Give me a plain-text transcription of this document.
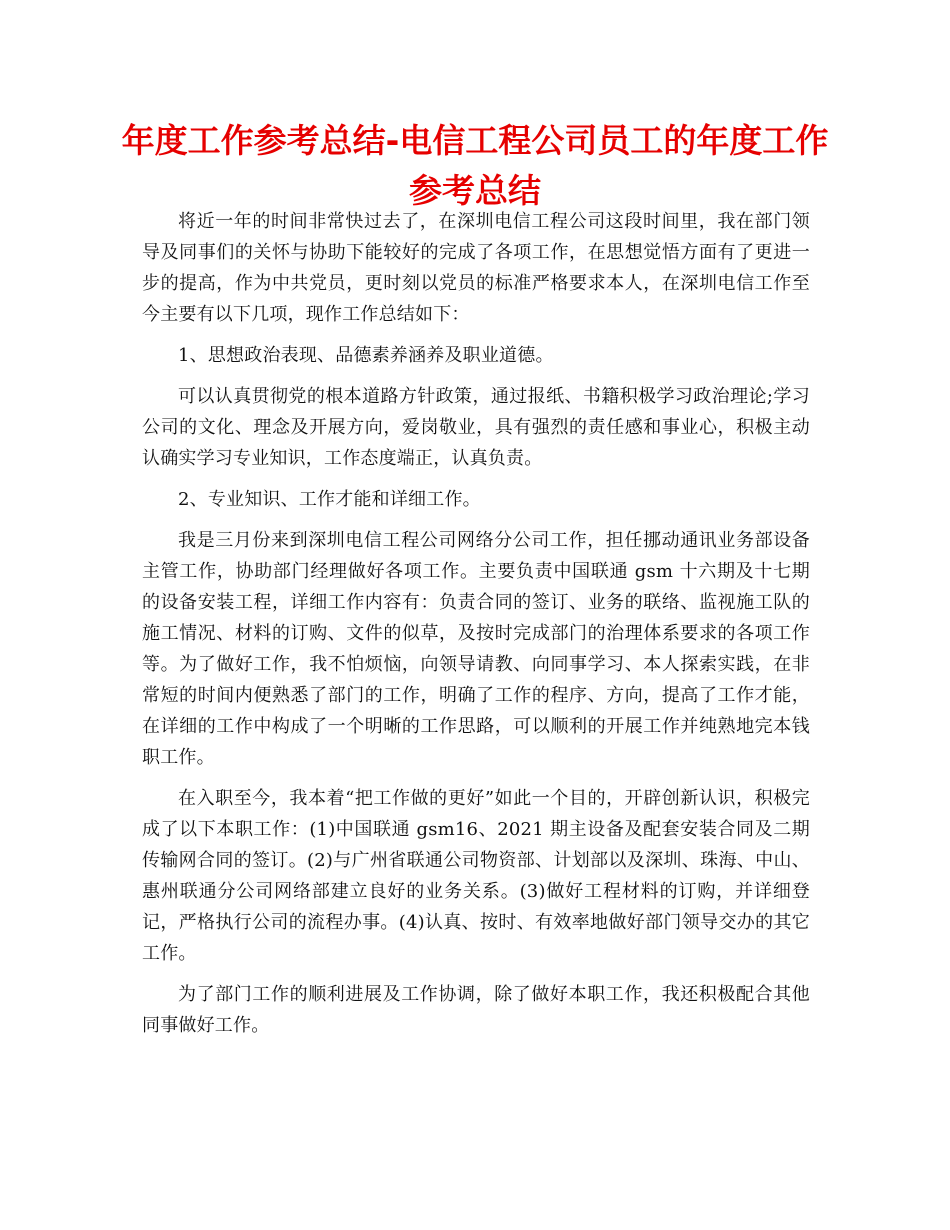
年度工作参考总结-电信工程公司员工的年度工作参考总结

将近一年的时间非常快过去了，在深圳电信工程公司这段时间里，我在部门领导及同事们的关怀与协助下能较好的完成了各项工作，在思想觉悟方面有了更进一步的提高，作为中共党员，更时刻以党员的标准严格要求本人，在深圳电信工作至今主要有以下几项，现作工作总结如下：

1、思想政治表现、品德素养涵养及职业道德。

可以认真贯彻党的根本道路方针政策，通过报纸、书籍积极学习政治理论;学习公司的文化、理念及开展方向，爱岗敬业，具有强烈的责任感和事业心，积极主动认确实学习专业知识，工作态度端正，认真负责。

2、专业知识、工作才能和详细工作。

我是三月份来到深圳电信工程公司网络分公司工作，担任挪动通讯业务部设备主管工作，协助部门经理做好各项工作。主要负责中国联通 gsm 十六期及十七期的设备安装工程，详细工作内容有：负责合同的签订、业务的联络、监视施工队的施工情况、材料的订购、文件的似草，及按时完成部门的治理体系要求的各项工作等。为了做好工作，我不怕烦恼，向领导请教、向同事学习、本人探索实践，在非常短的时间内便熟悉了部门的工作，明确了工作的程序、方向，提高了工作才能，在详细的工作中构成了一个明晰的工作思路，可以顺利的开展工作并纯熟地完本钱职工作。

在入职至今，我本着“把工作做的更好”如此一个目的，开辟创新认识，积极完成了以下本职工作：(1)中国联通 gsm16、2021 期主设备及配套安装合同及二期传输网合同的签订。(2)与广州省联通公司物资部、计划部以及深圳、珠海、中山、惠州联通分公司网络部建立良好的业务关系。(3)做好工程材料的订购，并详细登记，严格执行公司的流程办事。(4)认真、按时、有效率地做好部门领导交办的其它工作。

为了部门工作的顺利进展及工作协调，除了做好本职工作，我还积极配合其他同事做好工作。
